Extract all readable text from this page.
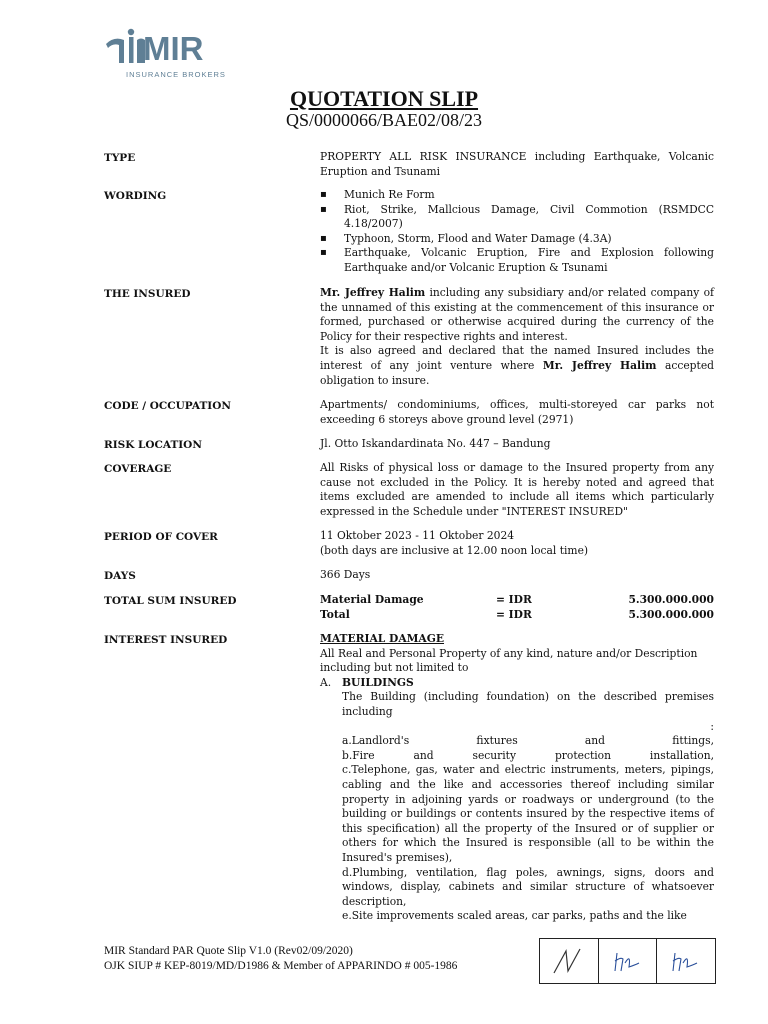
MIR
INSURANCE BROKERS
QUOTATION SLIP
QS/0000066/BAE02/08/23
TYPE	PROPERTY ALL RISK INSURANCE including Earthquake, Volcanic Eruption and Tsunami
WORDING
▪	Munich Re Form
▪ Riot, Strike, Mallcious Damage, Civil Commotion (RSMDCC 4.18/2007)
▪ Typhoon, Storm, Flood and Water Damage (4.3A)
▪ Earthquake, Volcanic Eruption, Fire and Explosion following Earthquake and/or Volcanic Eruption & Tsunami
THE INSURED	Mr. Jeffrey Halim including any subsidiary and/or related company of the unnamed of this existing at the commencement of this insurance or formed, purchased or otherwise acquired during the currency of the Policy for their respective rights and interest.
It is also agreed and declared that the named Insured includes the interest of any joint venture where Mr. Jeffrey Halim accepted obligation to insure.
CODE / OCCUPATION	Apartments/ condominiums, offices, multi-storeyed car parks not exceeding 6 storeys above ground level (2971)
RISK LOCATION	Jl. Otto Iskandardinata No. 447 – Bandung
COVERAGE	All Risks of physical loss or damage to the Insured property from any cause not excluded in the Policy. It is hereby noted and agreed that items excluded are amended to include all items which particularly expressed in the Schedule under "INTEREST INSURED"
PERIOD OF COVER	11 Oktober 2023 - 11 Oktober 2024
(both days are inclusive at 12.00 noon local time)
DAYS	366 Days
TOTAL SUM INSURED	Material Damage	= IDR	5.300.000.000
Total	= IDR	5.300.000.000
INTEREST INSURED	MATERIAL DAMAGE
All Real and Personal Property of any kind, nature and/or Description including but not limited to
A. BUILDINGS
The Building (including foundation) on the described premises including
:
a.Landlord's fixtures and fittings,
b.Fire and security protection installation,
c.Telephone, gas, water and electric instruments, meters, pipings, cabling and the like and accessories thereof including similar property in adjoining yards or roadways or underground (to the building or buildings or contents insured by the respective items of this specification) all the property of the Insured or of supplier or others for which the Insured is responsible (all to be within the Insured's premises),
d.Plumbing, ventilation, flag poles, awnings, signs, doors and windows, display, cabinets and similar structure of whatsoever description,
e.Site improvements scaled areas, car parks, paths and the like
MIR Standard PAR Quote Slip V1.0 (Rev02/09/2020)
OJK SIUP # KEP-8019/MD/D1986 & Member of APPARINDO # 005-1986
